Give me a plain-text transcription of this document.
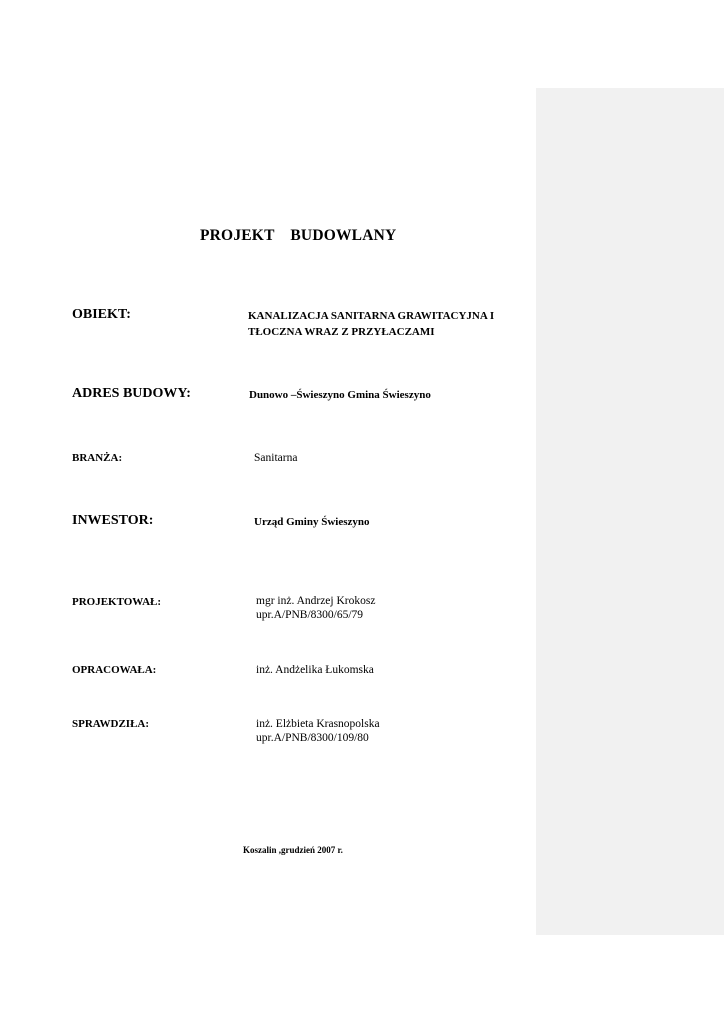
PROJEKT BUDOWLANY
OBIEKT:	KANALIZACJA SANITARNA GRAWITACYJNA I
TŁOCZNA WRAZ Z PRZYŁACZAMI
ADRES BUDOWY:	Dunowo –Świeszyno Gmina Świeszyno
BRANŻA:	Sanitarna
INWESTOR:	Urząd Gminy Świeszyno
PROJEKTOWAŁ:	mgr inż. Andrzej Krokosz
upr.A/PNB/8300/65/79
OPRACOWAŁA:	inż. Andżelika Łukomska
SPRAWDZIŁA:	inż. Elżbieta Krasnopolska
upr.A/PNB/8300/109/80
Koszalin ,grudzień 2007 r.
